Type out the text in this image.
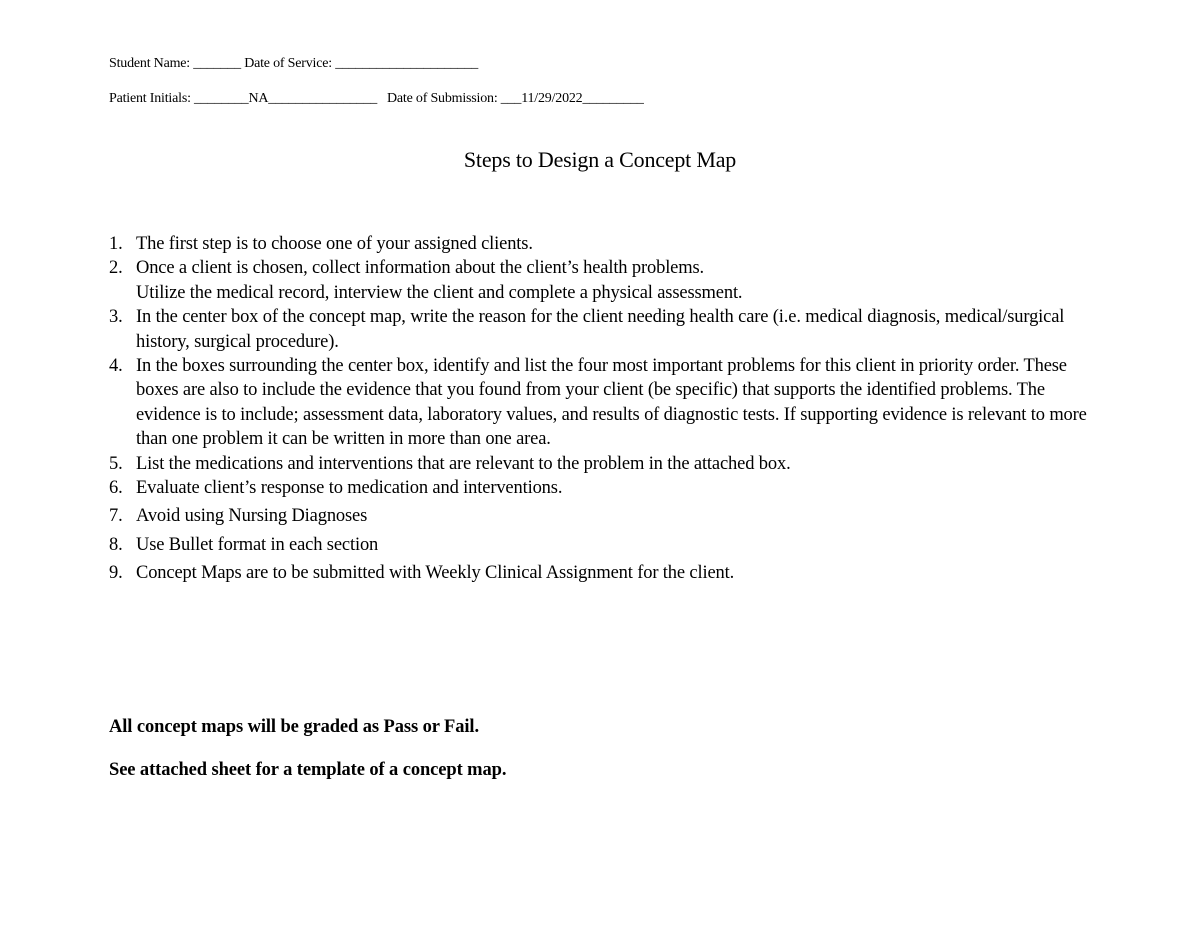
Student Name: _______ Date of Service: _____________________
Patient Initials: ________NA________________   Date of Submission: ___11/29/2022_________
Steps to Design a Concept Map
1. The first step is to choose one of your assigned clients.
2. Once a client is chosen, collect information about the client’s health problems.
Utilize the medical record, interview the client and complete a physical assessment.
3. In the center box of the concept map, write the reason for the client needing health care (i.e. medical diagnosis, medical/surgical history, surgical procedure).
4. In the boxes surrounding the center box, identify and list the four most important problems for this client in priority order. These boxes are also to include the evidence that you found from your client (be specific) that supports the identified problems. The evidence is to include; assessment data, laboratory values, and results of diagnostic tests. If supporting evidence is relevant to more than one problem it can be written in more than one area.
5. List the medications and interventions that are relevant to the problem in the attached box.
6. Evaluate client’s response to medication and interventions.
7. Avoid using Nursing Diagnoses
8. Use Bullet format in each section
9. Concept Maps are to be submitted with Weekly Clinical Assignment for the client.
All concept maps will be graded as Pass or Fail.
See attached sheet for a template of a concept map.
